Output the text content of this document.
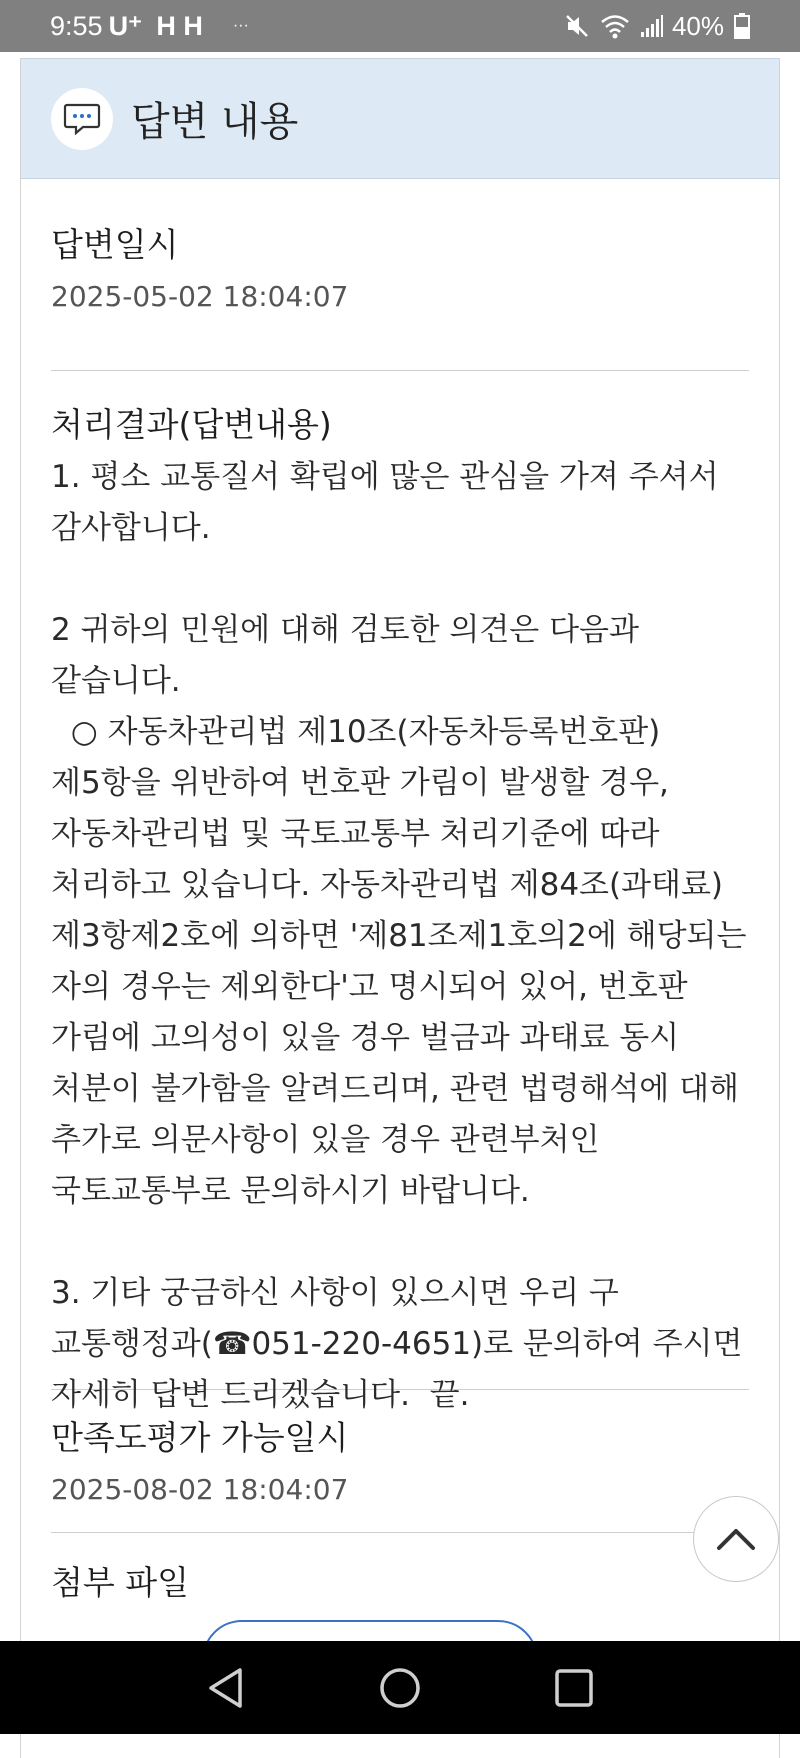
9:55 U⁺ H H ···	40%
답변 내용
답변일시
2025-05-02 18:04:07
처리결과(답변내용)
1. 평소 교통질서 확립에 많은 관심을 가져 주셔서 감사합니다.

2 귀하의 민원에 대해 검토한 의견은 다음과 같습니다.
○ 자동차관리법 제10조(자동차등록번호판) 제5항을 위반하여 번호판 가림이 발생할 경우, 자동차관리법 및 국토교통부 처리기준에 따라 처리하고 있습니다. 자동차관리법 제84조(과태료) 제3항제2호에 의하면 '제81조제1호의2에 해당되는 자의 경우는 제외한다'고 명시되어 있어, 번호판 가림에 고의성이 있을 경우 벌금과 과태료 동시 처분이 불가함을 알려드리며, 관련 법령해석에 대해 추가로 의문사항이 있을 경우 관련부처인 국토교통부로 문의하시기 바랍니다.

3. 기타 궁금하신 사항이 있으시면 우리 구 교통행정과(☎051-220-4651)로 문의하여 주시면 자세히 답변 드리겠습니다.  끝.
만족도평가 가능일시
2025-08-02 18:04:07
첨부 파일
